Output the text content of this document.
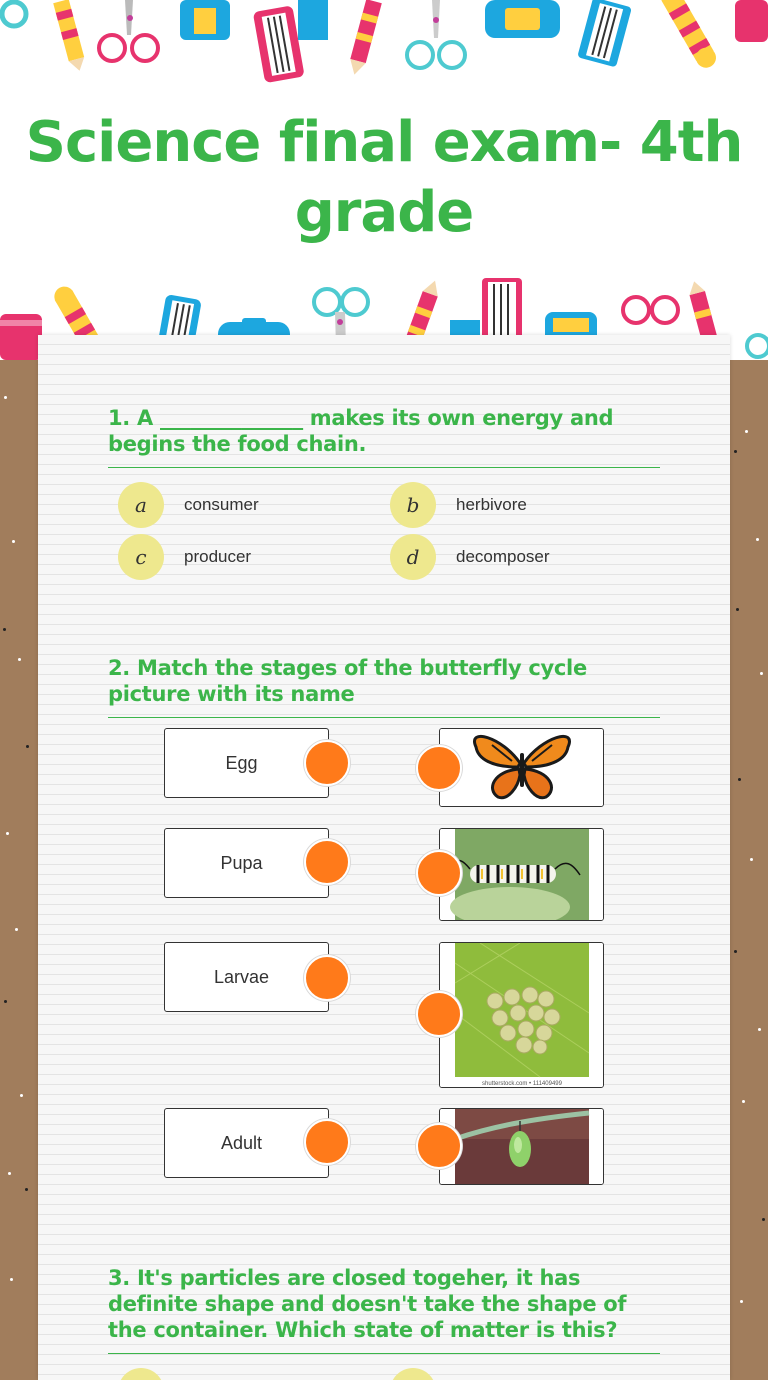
Science final exam- 4th grade
1. A ______________ makes its own energy and begins the food chain.
a	consumer	b	herbivore
c	producer	d	decomposer
2. Match the stages of the butterfly cycle picture with its name
Egg
Pupa
Larvae
Adult
shutterstock.com • 111409499
3. It's particles are closed togeher, it has definite shape and doesn't take the shape of the container. Which state of matter is this?
